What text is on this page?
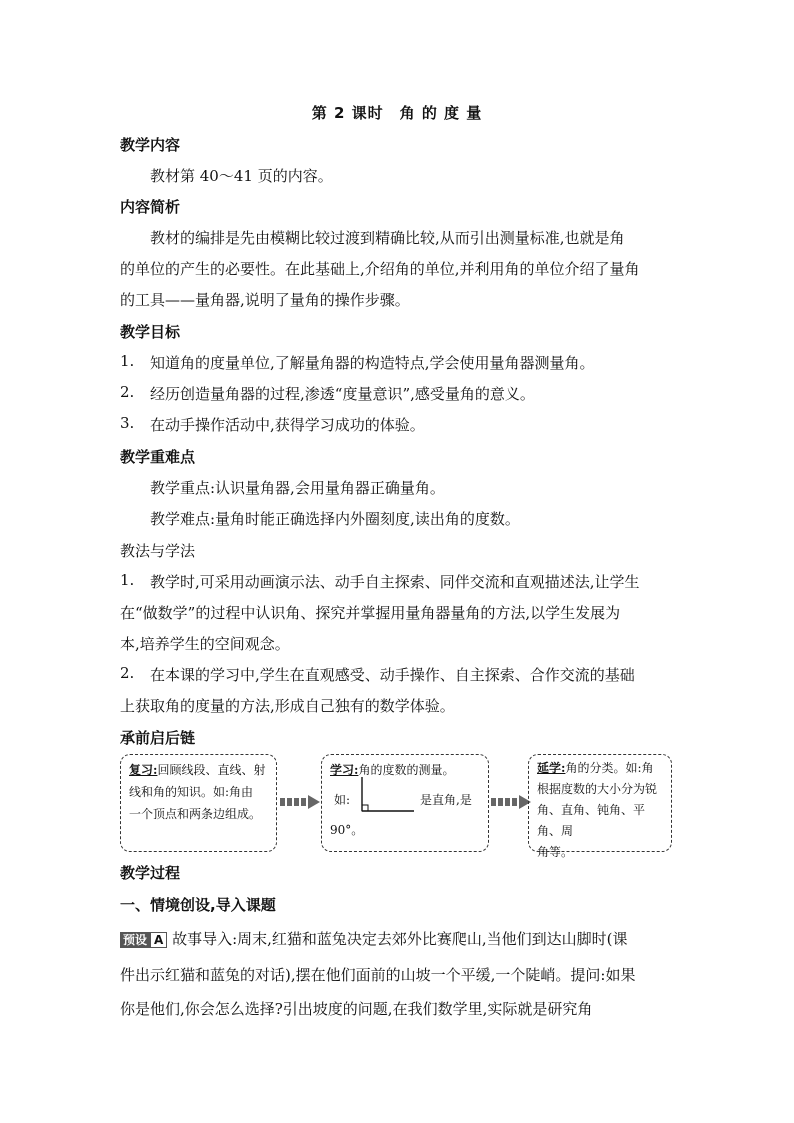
第 2 课时　角 的 度 量
教学内容
教材第 40～41 页的内容。
内容简析
教材的编排是先由模糊比较过渡到精确比较,从而引出测量标准,也就是角
的单位的产生的必要性。在此基础上,介绍角的单位,并利用角的单位介绍了量角
的工具——量角器,说明了量角的操作步骤。
教学目标
1. 知道角的度量单位,了解量角器的构造特点,学会使用量角器测量角。
2. 经历创造量角器的过程,渗透“度量意识”,感受量角的意义。
3. 在动手操作活动中,获得学习成功的体验。
教学重难点
教学重点:认识量角器,会用量角器正确量角。
教学难点:量角时能正确选择内外圈刻度,读出角的度数。
教法与学法
1. 教学时,可采用动画演示法、动手自主探索、同伴交流和直观描述法,让学生
在“做数学”的过程中认识角、探究并掌握用量角器量角的方法,以学生发展为
本,培养学生的空间观念。
2. 在本课的学习中,学生在直观感受、动手操作、自主探索、合作交流的基础
上获取角的度量的方法,形成自己独有的数学体验。
承前启后链
复习:回顾线段、直线、射
线和角的知识。如:角由
一个顶点和两条边组成。
学习:角的度数的测量。
如:	是直角,是
90°。
延学:角的分类。如:角
根据度数的大小分为锐
角、直角、钝角、平角、周
角等。
教学过程
一、情境创设,导入课题
预设 A 故事导入:周末,红猫和蓝兔决定去郊外比赛爬山,当他们到达山脚时(课
件出示红猫和蓝兔的对话),摆在他们面前的山坡一个平缓,一个陡峭。提问:如果
你是他们,你会怎么选择?引出坡度的问题,在我们数学里,实际就是研究角
